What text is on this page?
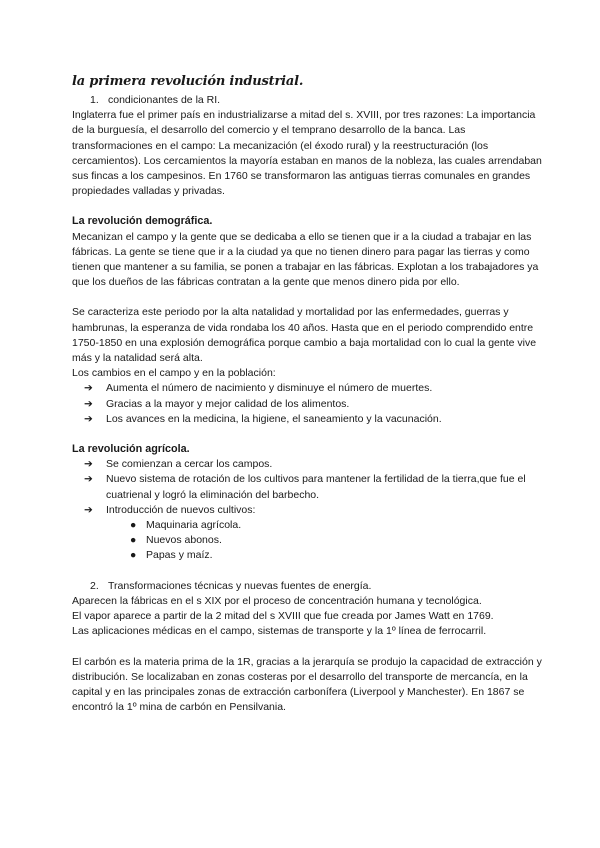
la primera revolución industrial.
1. condicionantes de la RI.

Inglaterra fue el primer país en industrializarse a mitad del s. XVIII, por tres razones: La importancia de la burguesía, el desarrollo del comercio y el temprano desarrollo de la banca. Las transformaciones en el campo: La mecanización (el éxodo rural) y la reestructuración (los cercamientos). Los cercamientos la mayoría estaban en manos de la nobleza, las cuales arrendaban sus fincas a los campesinos. En 1760 se transformaron las antiguas tierras comunales en grandes propiedades valladas y privadas.

La revolución demográfica.

Mecanizan el campo y la gente que se dedicaba a ello se tienen que ir a la ciudad a trabajar en las fábricas. La gente se tiene que ir a la ciudad ya que no tienen dinero para pagar las tierras y como tienen que mantener a su familia, se ponen a trabajar en las fábricas. Explotan a los trabajadores ya que los dueños de las fábricas contratan a la gente que menos dinero pida por ello.

Se caracteriza este periodo por la alta natalidad y mortalidad por las enfermedades, guerras y hambrunas, la esperanza de vida rondaba los 40 años. Hasta que en el periodo comprendido entre 1750-1850 en una explosión demográfica porque cambio a baja mortalidad con lo cual la gente vive más y la natalidad será alta.

Los cambios en el campo y en la población:

➔ Aumenta el número de nacimiento y disminuye el número de muertes.
➔ Gracias a la mayor y mejor calidad de los alimentos.
➔ Los avances en la medicina, la higiene, el saneamiento y la vacunación.
La revolución agrícola.
➔ Se comienzan a cercar los campos.
➔ Nuevo sistema de rotación de los cultivos para mantener la fertilidad de la tierra,que fue el cuatrienal y logró la eliminación del barbecho.
➔ Introducción de nuevos cultivos:
● Maquinaria agrícola.
● Nuevos abonos.
● Papas y maíz.
2. Transformaciones técnicas y nuevas fuentes de energía.

Aparecen la fábricas en el s XIX por el proceso de concentración humana y tecnológica.

El vapor aparece a partir de la 2 mitad del s XVIII que fue creada por James Watt en 1769.

Las aplicaciones médicas en el campo, sistemas de transporte y la 1º línea de ferrocarril.

El carbón es la materia prima de la 1R, gracias a la jerarquía se produjo la capacidad de extracción y distribución. Se localizaban en zonas costeras por el desarrollo del transporte de mercancía, en la capital y en las principales zonas de extracción carbonífera (Liverpool y Manchester). En 1867 se encontró la 1º mina de carbón en Pensilvania.
